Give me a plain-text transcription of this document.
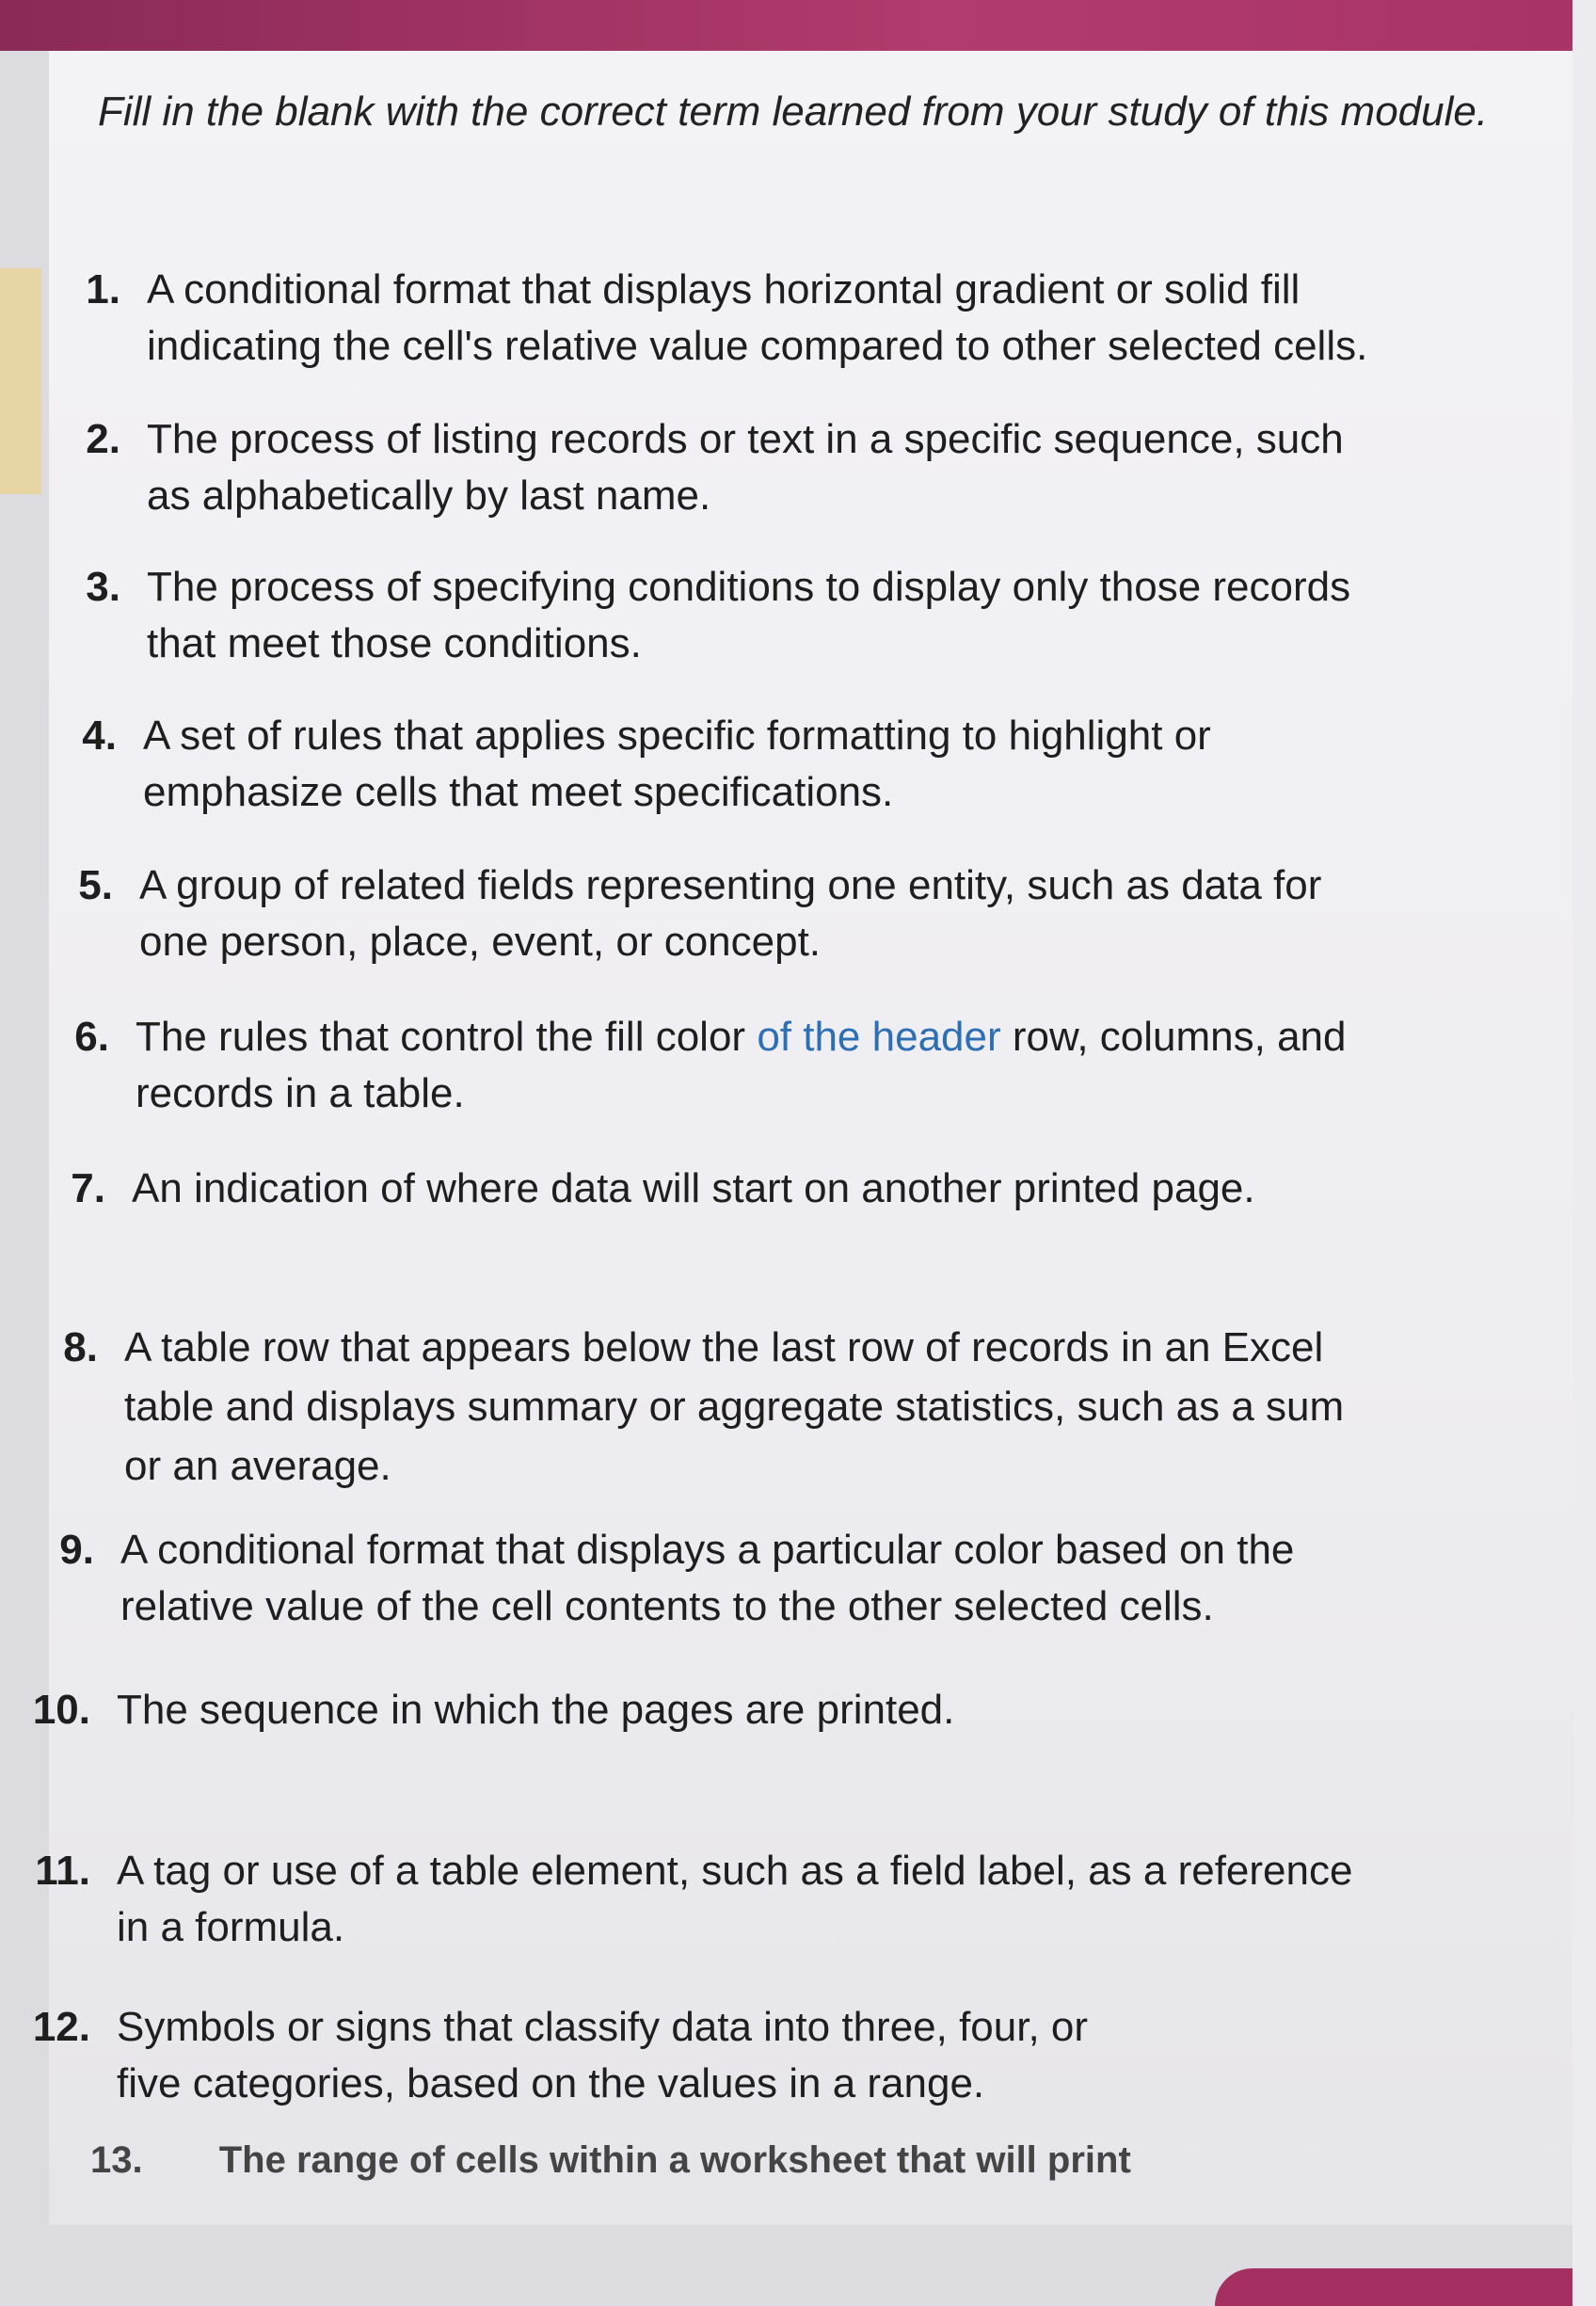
Fill in the blank with the correct term learned from your study of this module.

1. A conditional format that displays horizontal gradient or solid fill
indicating the cell's relative value compared to other selected cells.
2. The process of listing records or text in a specific sequence, such
as alphabetically by last name.
3. The process of specifying conditions to display only those records
that meet those conditions.
4. A set of rules that applies specific formatting to highlight or
emphasize cells that meet specifications.
5. A group of related fields representing one entity, such as data for
one person, place, event, or concept.
6. The rules that control the fill color of the header row, columns, and
records in a table.
7. An indication of where data will start on another printed page.
8. A table row that appears below the last row of records in an Excel
table and displays summary or aggregate statistics, such as a sum
or an average.
9. A conditional format that displays a particular color based on the
relative value of the cell contents to the other selected cells.
10. The sequence in which the pages are printed.
11. A tag or use of a table element, such as a field label, as a reference
in a formula.
12. Symbols or signs that classify data into three, four, or
five categories, based on the values in a range.
13. The range of cells within a worksheet that will print
